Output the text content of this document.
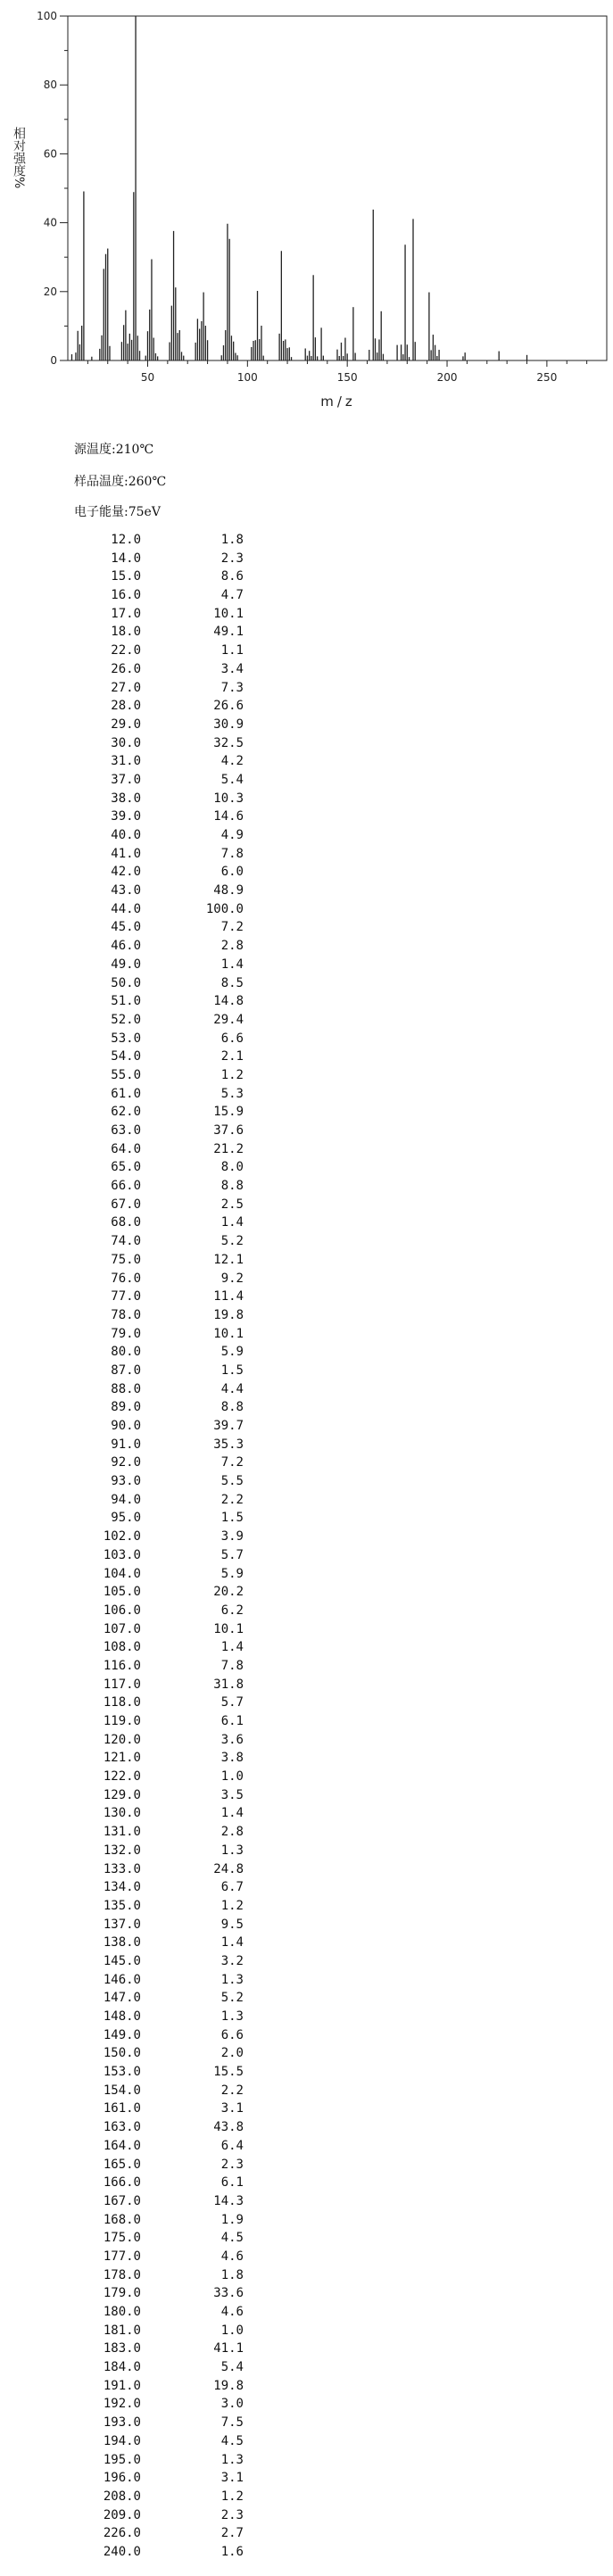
0
20
40
60
80
100
50	100	150	200	250
相对强度%
m/z
源温度:210℃
样品温度:260℃
电子能量:75eV
12.0	1.8
14.0	2.3
15.0	8.6
16.0	4.7
17.0	10.1
18.0	49.1
22.0	1.1
26.0	3.4
27.0	7.3
28.0	26.6
29.0	30.9
30.0	32.5
31.0	4.2
37.0	5.4
38.0	10.3
39.0	14.6
40.0	4.9
41.0	7.8
42.0	6.0
43.0	48.9
44.0	100.0
45.0	7.2
46.0	2.8
49.0	1.4
50.0	8.5
51.0	14.8
52.0	29.4
53.0	6.6
54.0	2.1
55.0	1.2
61.0	5.3
62.0	15.9
63.0	37.6
64.0	21.2
65.0	8.0
66.0	8.8
67.0	2.5
68.0	1.4
74.0	5.2
75.0	12.1
76.0	9.2
77.0	11.4
78.0	19.8
79.0	10.1
80.0	5.9
87.0	1.5
88.0	4.4
89.0	8.8
90.0	39.7
91.0	35.3
92.0	7.2
93.0	5.5
94.0	2.2
95.0	1.5
102.0	3.9
103.0	5.7
104.0	5.9
105.0	20.2
106.0	6.2
107.0	10.1
108.0	1.4
116.0	7.8
117.0	31.8
118.0	5.7
119.0	6.1
120.0	3.6
121.0	3.8
122.0	1.0
129.0	3.5
130.0	1.4
131.0	2.8
132.0	1.3
133.0	24.8
134.0	6.7
135.0	1.2
137.0	9.5
138.0	1.4
145.0	3.2
146.0	1.3
147.0	5.2
148.0	1.3
149.0	6.6
150.0	2.0
153.0	15.5
154.0	2.2
161.0	3.1
163.0	43.8
164.0	6.4
165.0	2.3
166.0	6.1
167.0	14.3
168.0	1.9
175.0	4.5
177.0	4.6
178.0	1.8
179.0	33.6
180.0	4.6
181.0	1.0
183.0	41.1
184.0	5.4
191.0	19.8
192.0	3.0
193.0	7.5
194.0	4.5
195.0	1.3
196.0	3.1
208.0	1.2
209.0	2.3
226.0	2.7
240.0	1.6
